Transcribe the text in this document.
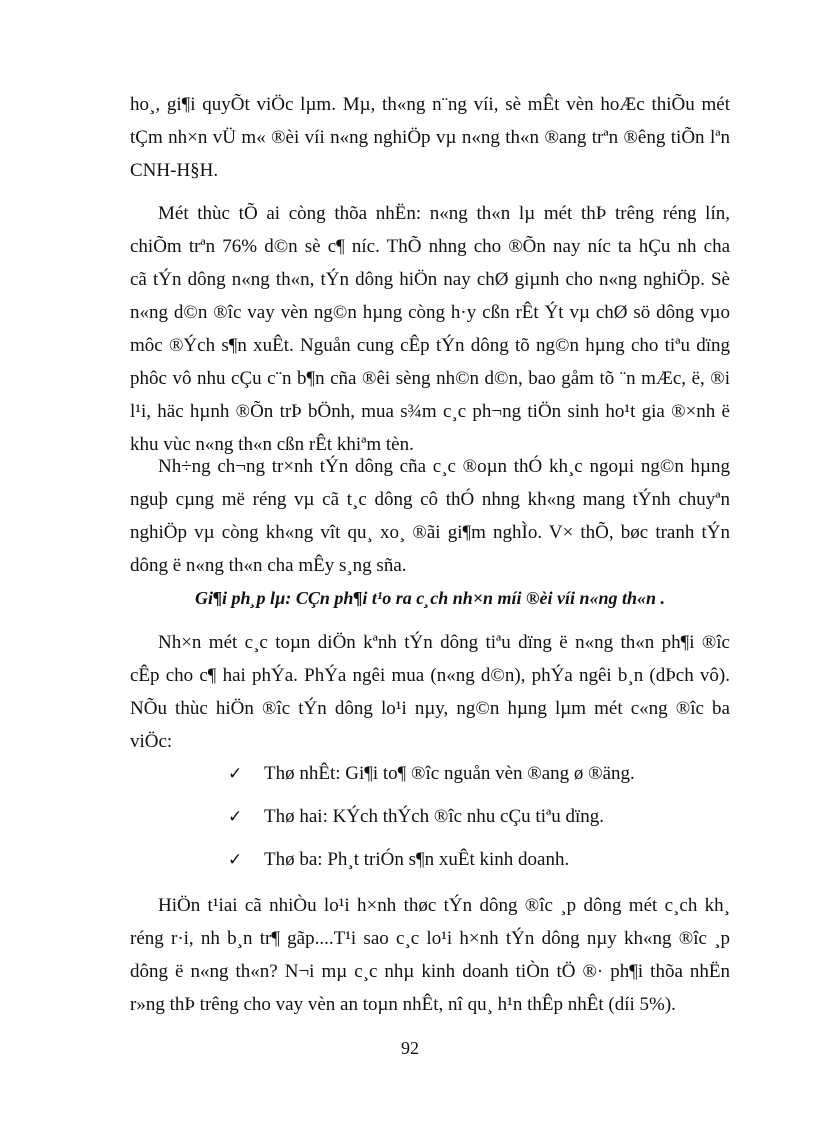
ho¸, gi¶i quyÕt viÖc lµm. Mµ, th«ng n¨ng víi, sè mÊt vèn hoÆc thiÕu mét
tÇm nh×n vÜ m« ®èi víi n«ng nghiÖp vµ n«ng th«n ®ang trªn ®êng tiÕn lªn
CNH-H§H.
Mét thùc tÕ ai còng thõa nhËn: n«ng th«n lµ mét thÞ trêng réng lín,
chiÕm trªn 76% d©n sè c¶ níc. ThÕ nhng cho ®Õn nay níc ta hÇu nh cha
cã tÝn dông n«ng th«n, tÝn dông hiÖn nay chØ giµnh cho n«ng nghiÖp. Sè
n«ng d©n ®îc vay vèn ng©n hµng còng h·y cßn rÊt Ýt vµ chØ sö dông vµo
môc ®Ých s¶n xuÊt. Nguån cung cÊp tÝn dông tõ ng©n hµng cho tiªu dïng
phôc vô nhu cÇu c¨n b¶n cña ®êi sèng nh©n d©n, bao gåm tõ ¨n mÆc, ë, ®i
l¹i, häc hµnh ®Õn trÞ bÖnh, mua s¾m c¸c ph¬ng tiÖn sinh ho¹t gia ®×nh ë
khu vùc n«ng th«n cßn rÊt khiªm tèn.
Nh÷ng ch¬ng tr×nh tÝn dông cña c¸c ®oµn thÓ kh¸c ngoµi ng©n hµng
nguþ cµng më réng vµ cã t¸c dông cô thÓ nhng kh«ng mang tÝnh chuyªn
nghiÖp vµ còng kh«ng vît qu¸ xo¸ ®ãi gi¶m nghÌo. V× thÕ, bøc tranh tÝn
dông ë n«ng th«n cha mÊy s¸ng sña.
Gi¶i ph¸p lµ: CÇn ph¶i t¹o ra c¸ch nh×n míi ®èi víi n«ng th«n .
Nh×n mét c¸c toµn diÖn kªnh tÝn dông tiªu dïng ë n«ng th«n ph¶i ®îc
cÊp cho c¶ hai phÝa. PhÝa ngêi mua (n«ng d©n), phÝa ngêi b¸n (dÞch vô).
NÕu thùc hiÖn ®îc tÝn dông lo¹i nµy, ng©n hµng lµm mét c«ng ®îc ba
viÖc:
✓ Thø nhÊt: Gi¶i to¶ ®îc nguån vèn ®ang ø ®äng.
✓ Thø hai: KÝch thÝch ®îc nhu cÇu tiªu dïng.
✓ Thø ba: Ph¸t triÓn s¶n xuÊt kinh doanh.
HiÖn t¹iai cã nhiÒu lo¹i h×nh thøc tÝn dông ®îc ¸p dông mét c¸ch kh¸
réng r·i, nh b¸n tr¶ gãp....T¹i sao c¸c lo¹i h×nh tÝn dông nµy kh«ng ®îc ¸p
dông ë n«ng th«n? N¬i mµ c¸c nhµ kinh doanh tiÒn tÖ ®· ph¶i thõa nhËn
r»ng thÞ trêng cho vay vèn an toµn nhÊt, nî qu¸ h¹n thÊp nhÊt (díi 5%).
92
